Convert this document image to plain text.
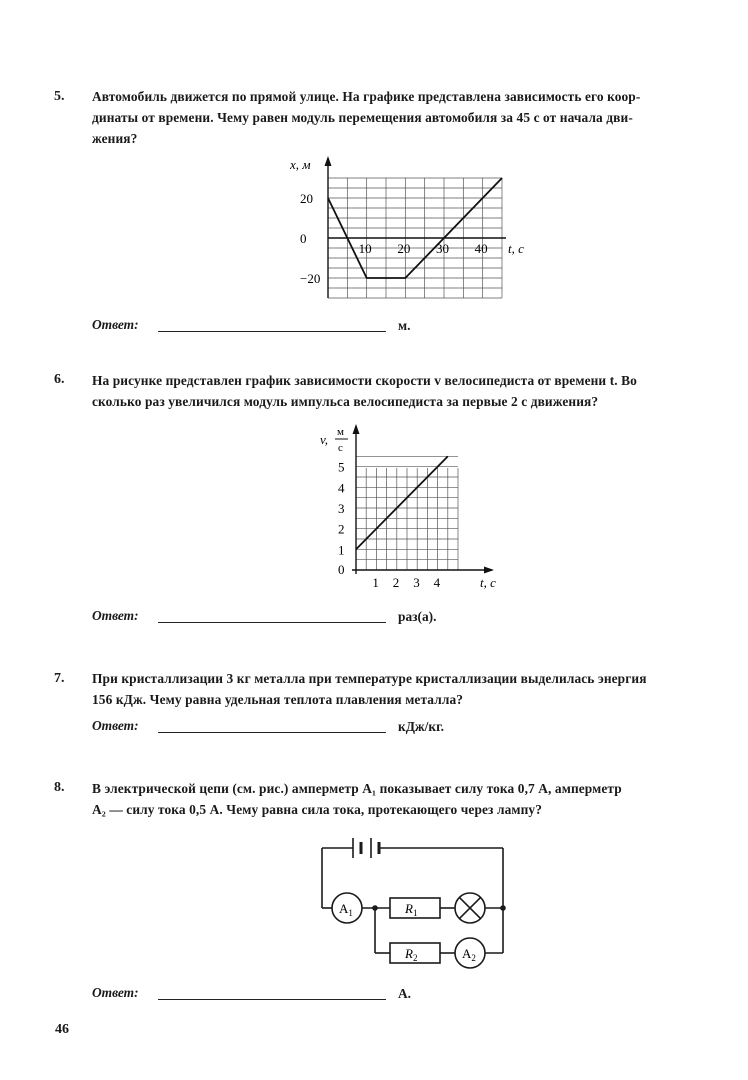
5. Автомобиль движется по прямой улице. На графике представлена зависимость его коор-
динаты от времени. Чему равен модуль перемещения автомобиля за 45 с от начала дви-
жения?
x, м
t, с
10 20 30 40
20
0
−20
Ответ:	м.
6. На рисунке представлен график зависимости скорости v велосипедиста от времени t. Во
сколько раз увеличился модуль импульса велосипедиста за первые 2 с движения?
v, м
с
t, с
0
1 2 3 4
1
2
3
4
5
Ответ:	раз(а).
7. При кристаллизации 3 кг металла при температуре кристаллизации выделилась энергия
156 кДж. Чему равна удельная теплота плавления металла?
Ответ:	кДж/кг.
8. В электрической цепи (см. рис.) амперметр A₁ показывает силу тока 0,7 А, амперметр
A₂ — силу тока 0,5 А. Чему равна сила тока, протекающего через лампу?
$A_1$	$R_1$
$R_2$	$A_2$
Ответ:	А.
46
